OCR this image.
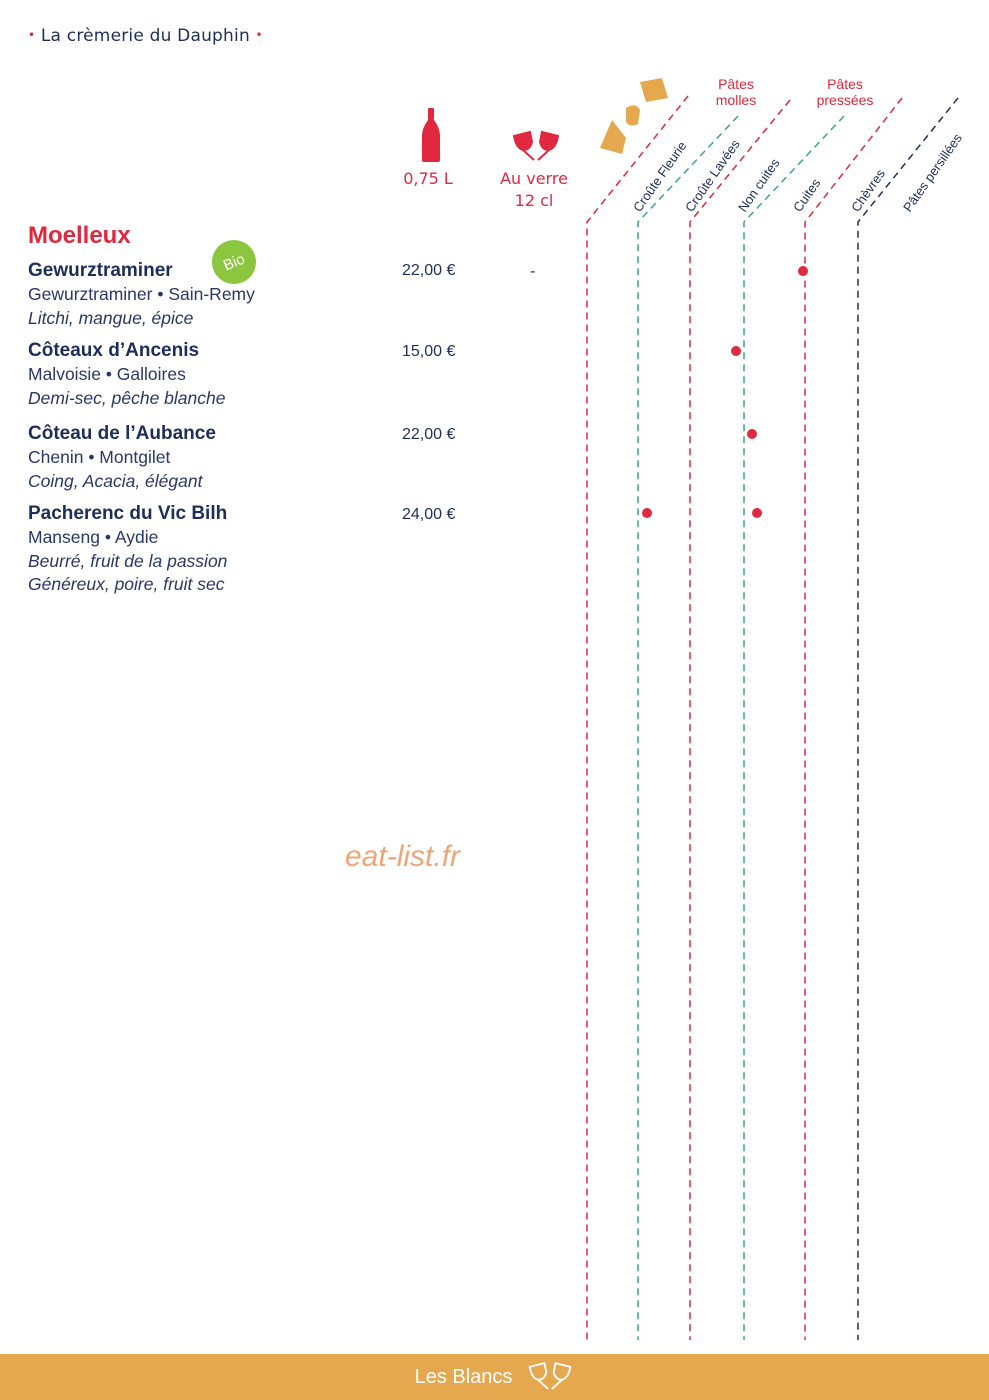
• La crèmerie du Dauphin •
0,75 L	Au verre
12 cl
Pâtes
molles
Pâtes
pressées
Croûte Fleurie
Croûte Lavées
Non cuites Cuites Chèvres Pâtes persillées
Moelleux
Bio
Gewurztraminer
Gewurztraminer • Sain-Remy
Litchi, mangue, épice
22,00 €	-
Côteaux d’Ancenis
Malvoisie • Galloires
Demi-sec, pêche blanche
15,00 €
Côteau de l’Aubance
Chenin • Montgilet
Coing, Acacia, élégant
22,00 €
Pacherenc du Vic Bilh
Manseng • Aydie
Beurré, fruit de la passion
Généreux, poire, fruit sec
24,00 €
eat-list.fr
Les Blancs
